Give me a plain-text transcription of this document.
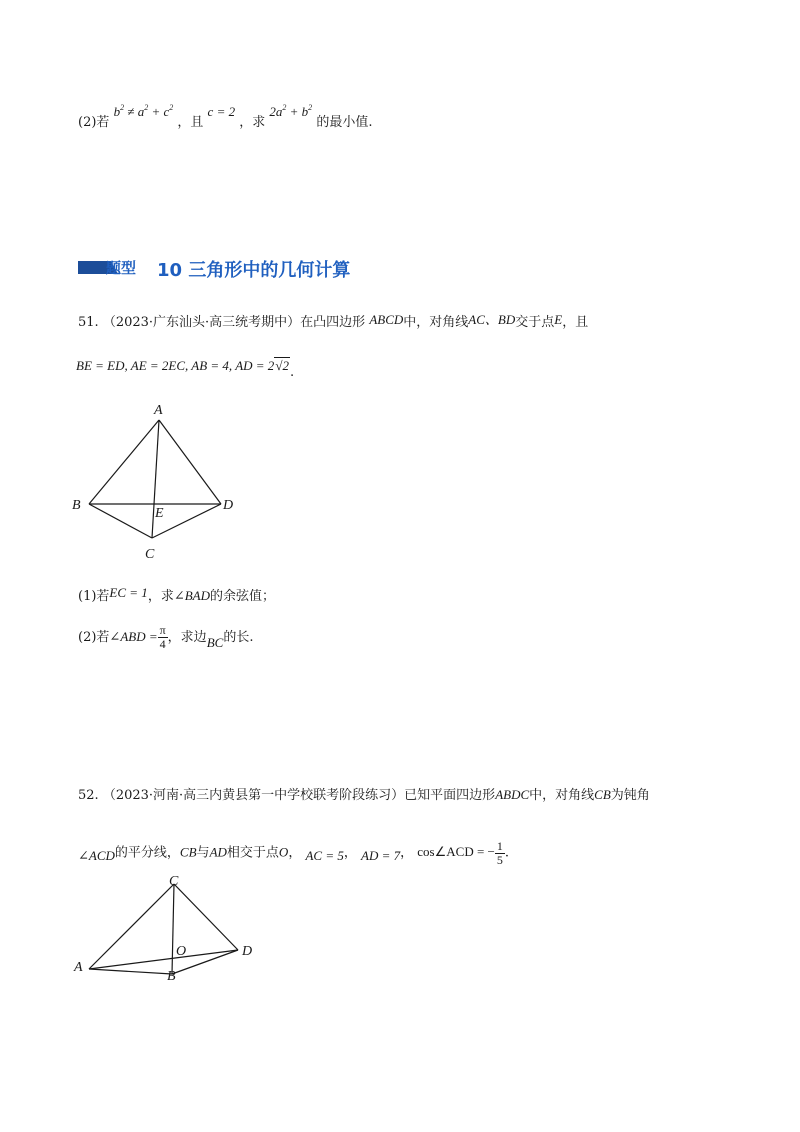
(2)若 $b^2 \ne a^2 + c^2$ ，且 c = 2 ，求 $2a^2 + b^2$ 的最小值.
题型 10 三角形中的几何计算
51. （2023·广东汕头·高三统考期中）在凸四边形 ABCD中，对角线AC、BD交于点E，且
BE = ED, AE = 2EC, AB = 4, AD = 2√2.
A
B	D
E
C
(1)若EC = 1，求∠BAD的余弦值；
(2)若∠ABD = $\frac{\pi}{4}$ ，求边BC的长.
52. （2023·河南·高三内黄县第一中学校联考阶段练习）已知平面四边形ABDC中，对角线CB为钝角
∠ACD的平分线，CB与AD相交于点O， AC = 5， AD = 7， cos∠ACD = − $\frac{1}{5}$ .
C
O	D
A
B
